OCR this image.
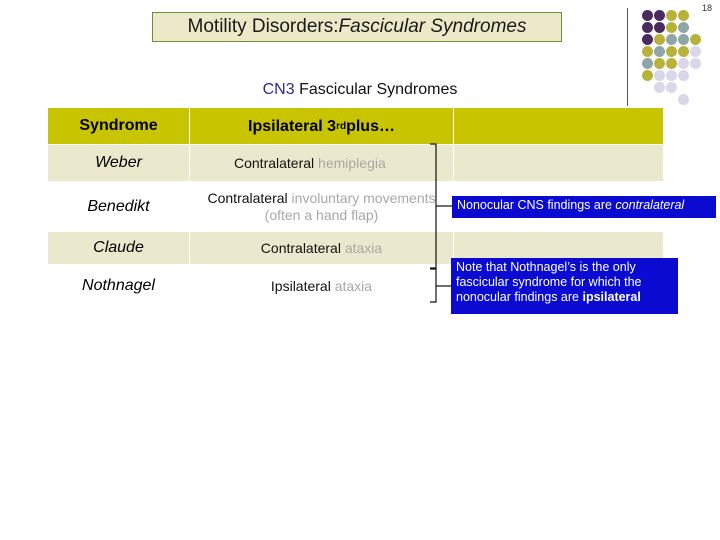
Motility Disorders: Fascicular Syndromes
18
CN3 Fascicular Syndromes
Syndrome	Ipsilateral 3 rd plus…
Weber	Contralateral hemiplegia
Benedikt	Contralateral involuntary movements (often a hand flap)
Claude	Contralateral ataxia
Nothnagel	Ipsilateral ataxia
Nonocular CNS findings are contralateral
Note that Nothnagel’s is the only fascicular syndrome for which the nonocular findings are ipsilateral
